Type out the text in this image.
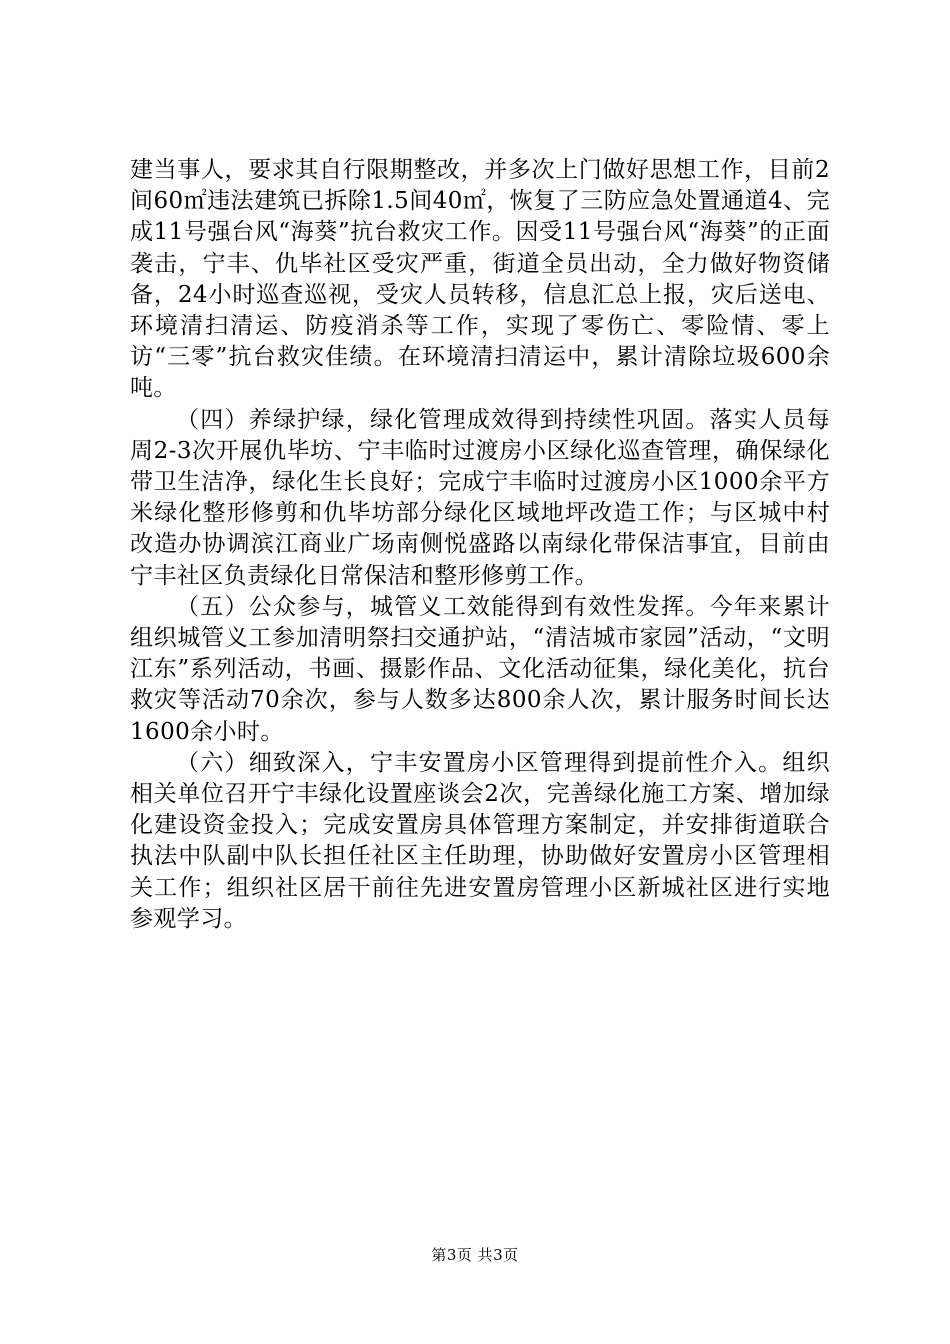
建当事人，要求其自行限期整改，并多次上门做好思想工作，目前2间60㎡违法建筑已拆除1.5间40㎡，恢复了三防应急处置通道4、完成11号强台风“海葵”抗台救灾工作。因受11号强台风“海葵”的正面袭击，宁丰、仇毕社区受灾严重，街道全员出动，全力做好物资储备，24小时巡查巡视，受灾人员转移，信息汇总上报，灾后送电、环境清扫清运、防疫消杀等工作，实现了零伤亡、零险情、零上访“三零”抗台救灾佳绩。在环境清扫清运中，累计清除垃圾600余吨。

（四）养绿护绿，绿化管理成效得到持续性巩固。落实人员每周2-3次开展仇毕坊、宁丰临时过渡房小区绿化巡查管理，确保绿化带卫生洁净，绿化生长良好；完成宁丰临时过渡房小区1000余平方米绿化整形修剪和仇毕坊部分绿化区域地坪改造工作；与区城中村改造办协调滨江商业广场南侧悦盛路以南绿化带保洁事宜，目前由宁丰社区负责绿化日常保洁和整形修剪工作。

（五）公众参与，城管义工效能得到有效性发挥。今年来累计组织城管义工参加清明祭扫交通护站，“清洁城市家园”活动，“文明江东”系列活动，书画、摄影作品、文化活动征集，绿化美化，抗台救灾等活动70余次，参与人数多达800余人次，累计服务时间长达1600余小时。

（六）细致深入，宁丰安置房小区管理得到提前性介入。组织相关单位召开宁丰绿化设置座谈会2次，完善绿化施工方案、增加绿化建设资金投入；完成安置房具体管理方案制定，并安排街道联合执法中队副中队长担任社区主任助理，协助做好安置房小区管理相关工作；组织社区居干前往先进安置房管理小区新城社区进行实地参观学习。

第3页 共3页
